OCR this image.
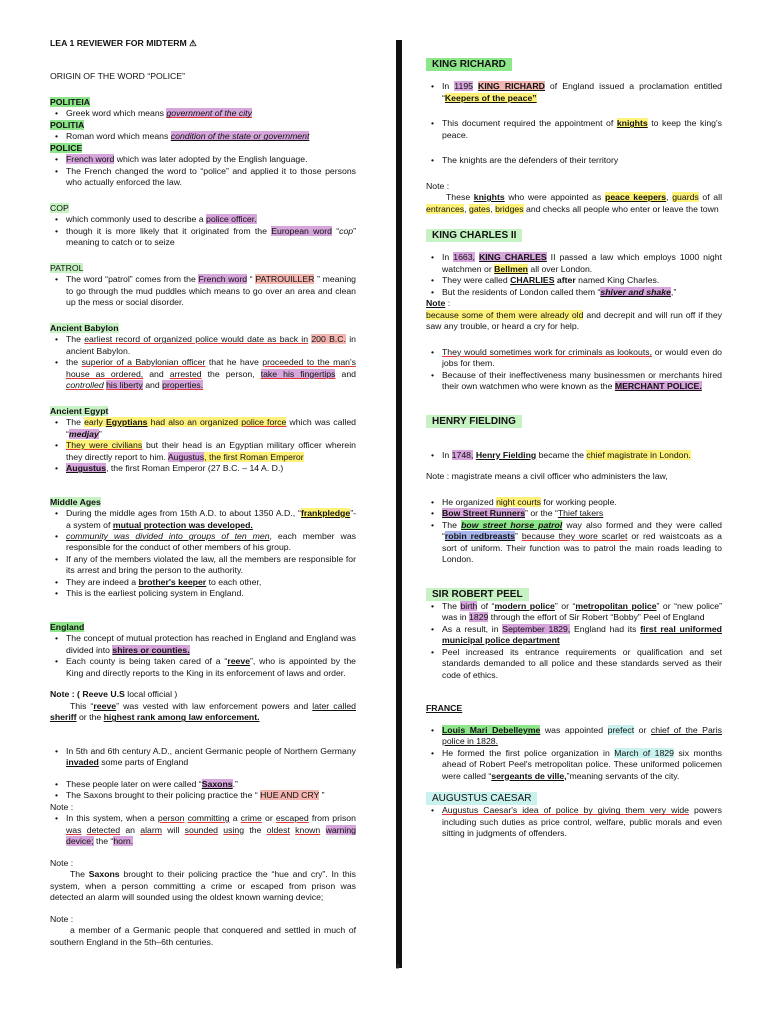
LEA 1 REVIEWER FOR MIDTERM ⚠
ORIGIN OF THE WORD “POLICE”
POLITEIA
• Greek word which means government of the city
POLITIA
• Roman word which means condition of the state or government
POLICE
• French word which was later adopted by the English language.
• The French changed the word to “police” and applied it to those persons who actually enforced the law.
COP
• which commonly used to describe a police officer.
• though it is more likely that it originated from the European word “cop” meaning to catch or to seize
PATROL
• The word “patrol” comes from the French word “ PATROUILLER ” meaning to go through the mud puddles which means to go over an area and clean up the mess or social disorder.
Ancient Babylon
• The earliest record of organized police would date as back in 200 B.C. in ancient Babylon.
• the superior of a Babylonian officer that he have proceeded to the man's house as ordered, and arrested the person, take his fingertips and controlled his liberty and properties.
Ancient Egypt
• The early Egyptians had also an organized police force which was called “medjay”
• They were civilians but their head is an Egyptian military officer wherein they directly report to him. Augustus, the first Roman Emperor
• Augustus, the first Roman Emperor (27 B.C. – 14 A. D.)
Middle Ages
• During the middle ages from 15th A.D. to about 1350 A.D., “frankpledge”- a system of mutual protection was developed.
• community was divided into groups of ten men, each member was responsible for the conduct of other members of his group.
• If any of the members violated the law, all the members are responsible for its arrest and bring the person to the authority.
• They are indeed a brother's keeper to each other,
• This is the earliest policing system in England.
England
• The concept of mutual protection has reached in England and England was divided into shires or counties.
• Each county is being taken cared of a “reeve”, who is appointed by the King and directly reports to the King in its enforcement of laws and order.
Note : ( Reeve U.S local official )
This “reeve” was vested with law enforcement powers and later called sheriff or the highest rank among law enforcement.
• In 5th and 6th century A.D., ancient Germanic people of Northern Germany invaded some parts of England
• These people later on were called “Saxons.”
• The Saxons brought to their policing practice the “ HUE AND CRY ”
Note :
• In this system, when a person committing a crime or escaped from prison was detected an alarm will sounded using the oldest known warning device; the “horn.
Note :
The Saxons brought to their policing practice the “hue and cry”. In this system, when a person committing a crime or escaped from prison was detected an alarm will sounded using the oldest known warning device;
Note :
a member of a Germanic people that conquered and settled in much of southern England in the 5th–6th centuries.
2
KING RICHARD
• In 1195 KING RICHARD of England issued a proclamation entitled “Keepers of the peace”
• This document required the appointment of knights to keep the king's peace.
• The knights are the defenders of their territory
Note :
These knights who were appointed as peace keepers, guards of all entrances, gates, bridges and checks all people who enter or leave the town
KING CHARLES II
• In 1663, KING CHARLES II passed a law which employs 1000 night watchmen or Bellmen all over London.
• They were called CHARLIES after named King Charles.
• But the residents of London called them “shiver and shake,”
Note :
because some of them were already old and decrepit and will run off if they saw any trouble, or heard a cry for help.
• They would sometimes work for criminals as lookouts, or would even do jobs for them.
• Because of their ineffectiveness many businessmen or merchants hired their own watchmen who were known as the MERCHANT POLICE.
HENRY FIELDING
• In 1748, Henry Fielding became the chief magistrate in London.
Note : magistrate means a civil officer who administers the law,
• He organized night courts for working people.
• Bow Street Runners” or the “Thief takers
• The bow street horse patrol way also formed and they were called “robin redbreasts” because they wore scarlet or red waistcoats as a sort of uniform. Their function was to patrol the main roads leading to London.
SIR ROBERT PEEL
• The birth of “modern police” or “metropolitan police” or “new police” was in 1829 through the effort of Sir Robert “Bobby” Peel of England
• As a result, in September 1829, England had its first real uniformed municipal police department
• Peel increased its entrance requirements or qualification and set standards demanded to all police and these standards served as their code of ethics.
FRANCE
• Louis Mari Debelleyme was appointed prefect or chief of the Paris police in 1828.
• He formed the first police organization in March of 1829 six months ahead of Robert Peel's metropolitan police. These uniformed policemen were called “sergeants de ville,”meaning servants of the city.
AUGUSTUS CAESAR
• Augustus Caesar's idea of police by giving them very wide powers including such duties as price control, welfare, public morals and even sitting in judgments of offenders.
